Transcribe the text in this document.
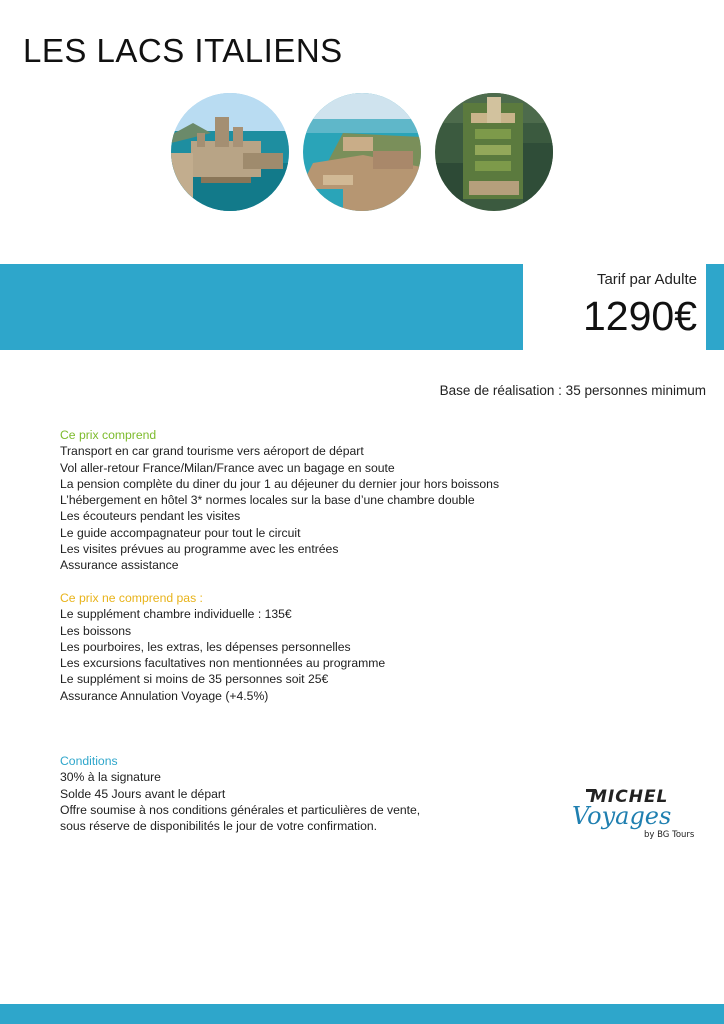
LES LACS ITALIENS
Tarif par Adulte
1290€
Base de réalisation : 35 personnes minimum
Ce prix comprend
Transport en car grand tourisme vers aéroport de départ
Vol aller-retour France/Milan/France avec un bagage en soute
La pension complète du diner du jour 1 au déjeuner du dernier jour hors boissons
L’hébergement en hôtel 3* normes locales sur la base d’une chambre double
Les écouteurs pendant les visites
Le guide accompagnateur pour tout le circuit
Les visites prévues au programme avec les entrées
Assurance assistance
Ce prix ne comprend pas :
Le supplément chambre individuelle : 135€
Les boissons
Les pourboires, les extras, les dépenses personnelles
Les excursions facultatives non mentionnées au programme
Le supplément si moins de 35 personnes soit 25€
Assurance Annulation Voyage (+4.5%)
Conditions
30% à la signature
Solde 45 Jours avant le départ
Offre soumise à nos conditions générales et particulières de vente,
sous réserve de disponibilités le jour de votre confirmation.
MICHEL
Voyages
by BG Tours
